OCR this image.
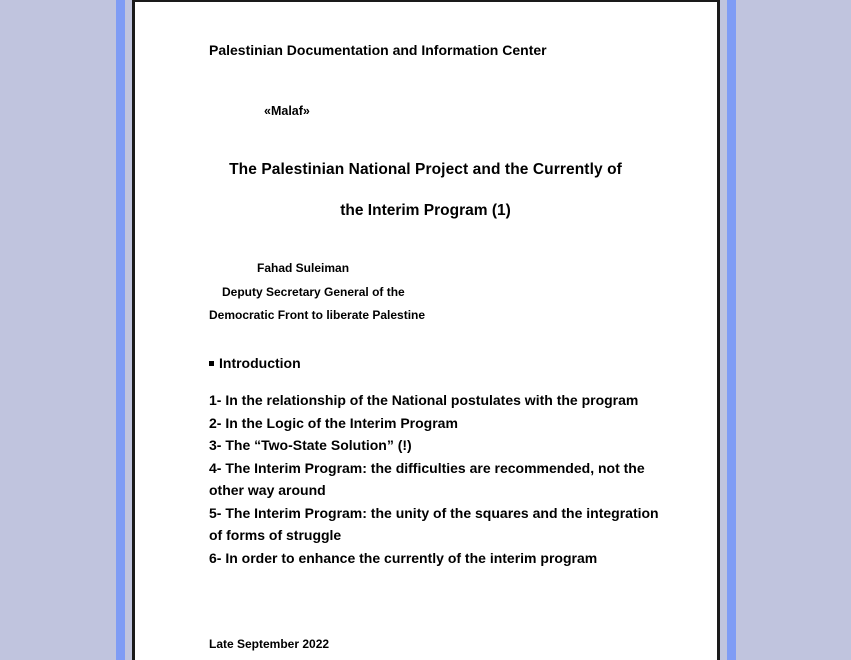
Palestinian Documentation and Information Center
«Malaf»
The Palestinian National Project and the Currently of
the Interim Program (1)
Fahad Suleiman
Deputy Secretary General of the
Democratic Front to liberate Palestine
Introduction
1- In the relationship of the National postulates with the program
2- In the Logic of the Interim Program
3- The “Two-State Solution” (!)
4- The Interim Program: the difficulties are recommended, not the other way around
5- The Interim Program: the unity of the squares and the integration of forms of struggle
6- In order to enhance the currently of the interim program
Late September 2022
